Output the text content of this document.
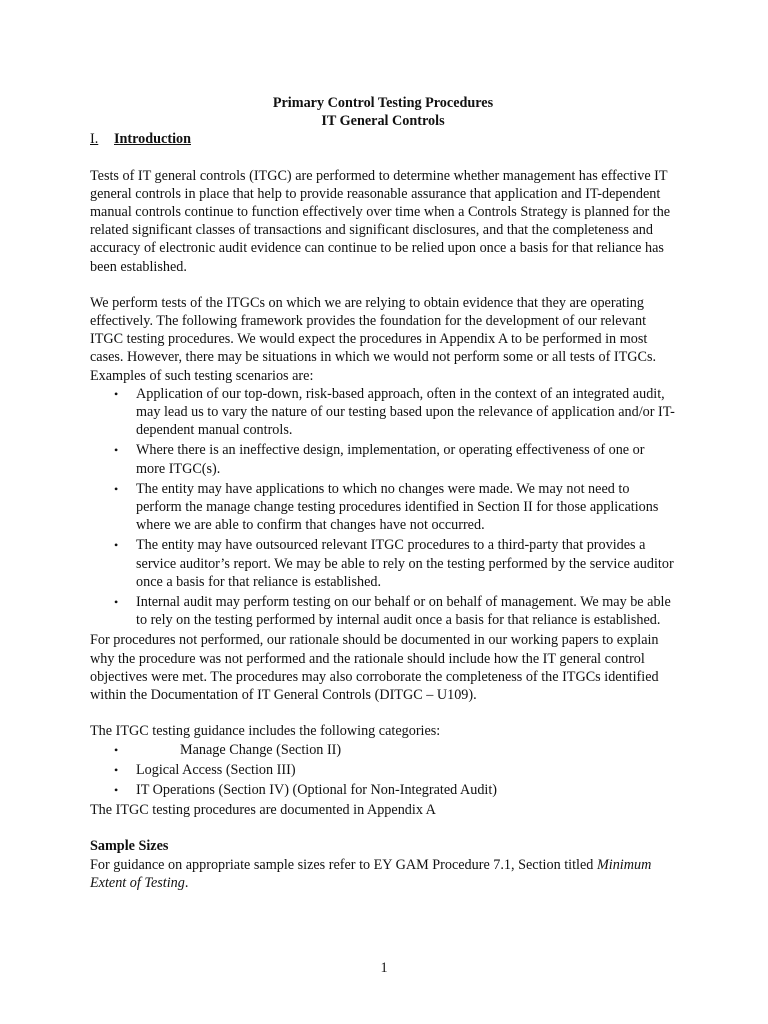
Primary Control Testing Procedures

IT General Controls

I. Introduction

Tests of IT general controls (ITGC) are performed to determine whether management has effective IT general controls in place that help to provide reasonable assurance that application and IT-dependent manual controls continue to function effectively over time when a Controls Strategy is planned for the related significant classes of transactions and significant disclosures, and that the completeness and accuracy of electronic audit evidence can continue to be relied upon once a basis for that reliance has been established.

We perform tests of the ITGCs on which we are relying to obtain evidence that they are operating effectively. The following framework provides the foundation for the development of our relevant ITGC testing procedures. We would expect the procedures in Appendix A to be performed in most cases. However, there may be situations in which we would not perform some or all tests of ITGCs. Examples of such testing scenarios are:

• Application of our top-down, risk-based approach, often in the context of an integrated audit, may lead us to vary the nature of our testing based upon the relevance of application and/or IT-dependent manual controls.
• Where there is an ineffective design, implementation, or operating effectiveness of one or more ITGC(s).
• The entity may have applications to which no changes were made. We may not need to perform the manage change testing procedures identified in Section II for those applications where we are able to confirm that changes have not occurred.
• The entity may have outsourced relevant ITGC procedures to a third-party that provides a service auditor’s report. We may be able to rely on the testing performed by the service auditor once a basis for that reliance is established.
• Internal audit may perform testing on our behalf or on behalf of management. We may be able to rely on the testing performed by internal audit once a basis for that reliance is established.

For procedures not performed, our rationale should be documented in our working papers to explain why the procedure was not performed and the rationale should include how the IT general control objectives were met. The procedures may also corroborate the completeness of the ITGCs identified within the Documentation of IT General Controls (DITGC – U109).

The ITGC testing guidance includes the following categories:

•	Manage Change (Section II)
• Logical Access (Section III)
• IT Operations (Section IV) (Optional for Non-Integrated Audit)

The ITGC testing procedures are documented in Appendix A

Sample Sizes

For guidance on appropriate sample sizes refer to EY GAM Procedure 7.1, Section titled Minimum Extent of Testing.

1
